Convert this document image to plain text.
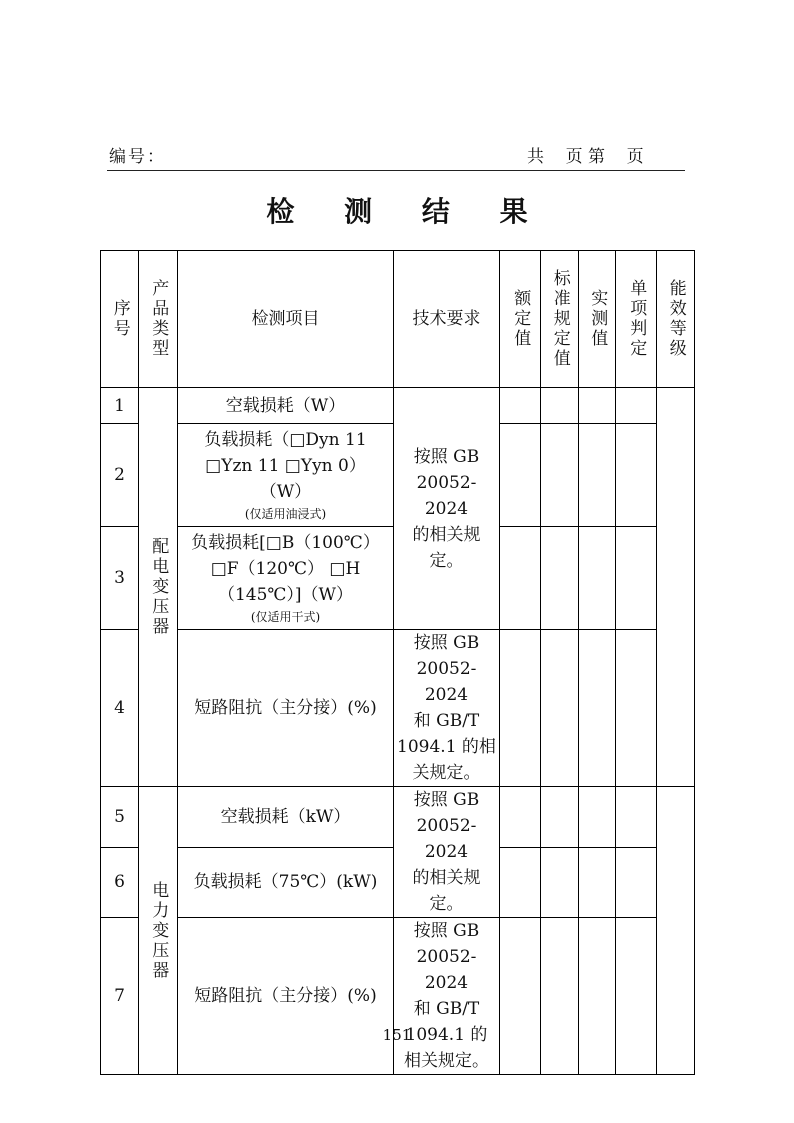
编号：	共    页 第    页
检 测 结 果
序号	产品类型	检测项目	技术要求	额定值	标准规定值	实测值	单项判定	能效等级

1	配电变压器	空载损耗（W）	按照 GB
20052-2024
的相关规
定。					

2		负载损耗（□Dyn 11
□Yzn 11 □Yyn 0）
（W）
(仅适用油浸式)						

3		负载损耗[□B（100℃）
□F（120℃） □H
（145℃）]（W）
(仅适用干式)						

4		短路阻抗（主分接）(%)	按照 GB
20052-2024
和 GB/T
1094.1 的相
关规定。					

5	电力变压器	空载损耗（kW）	按照 GB
20052-2024
的相关规
定。					

6		负载损耗（75℃）(kW)						
7		短路阻抗（主分接）(%)	按照 GB
20052-2024
和 GB/T
1094.1 的
相关规定。					

151
